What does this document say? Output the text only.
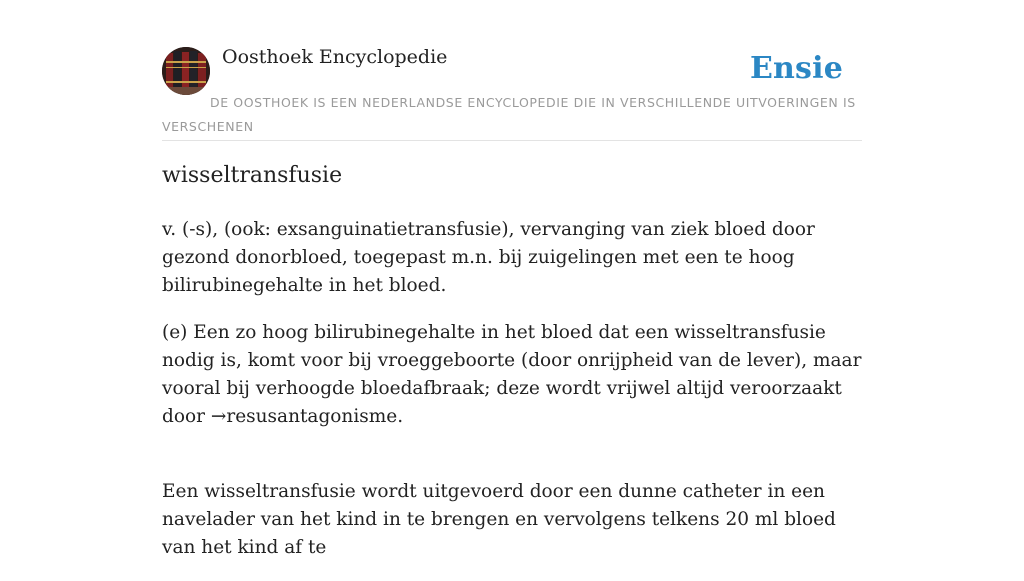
Oosthoek Encyclopedie	Ensie
DE OOSTHOEK IS EEN NEDERLANDSE ENCYCLOPEDIE DIE IN VERSCHILLENDE UITVOERINGEN IS VERSCHENEN
wisseltransfusie

v. (-s), (ook: exsanguinatietransfusie), vervanging van ziek bloed door gezond donorbloed, toegepast m.n. bij zuigelingen met een te hoog bilirubinegehalte in het bloed.

(e) Een zo hoog bilirubinegehalte in het bloed dat een wisseltransfusie nodig is, komt voor bij vroeggeboorte (door onrijpheid van de lever), maar vooral bij verhoogde bloedafbraak; deze wordt vrijwel altijd veroorzaakt door →resusantagonisme.

Een wisseltransfusie wordt uitgevoerd door een dunne catheter in een navelader van het kind in te brengen en vervolgens telkens 20 ml bloed van het kind af te
